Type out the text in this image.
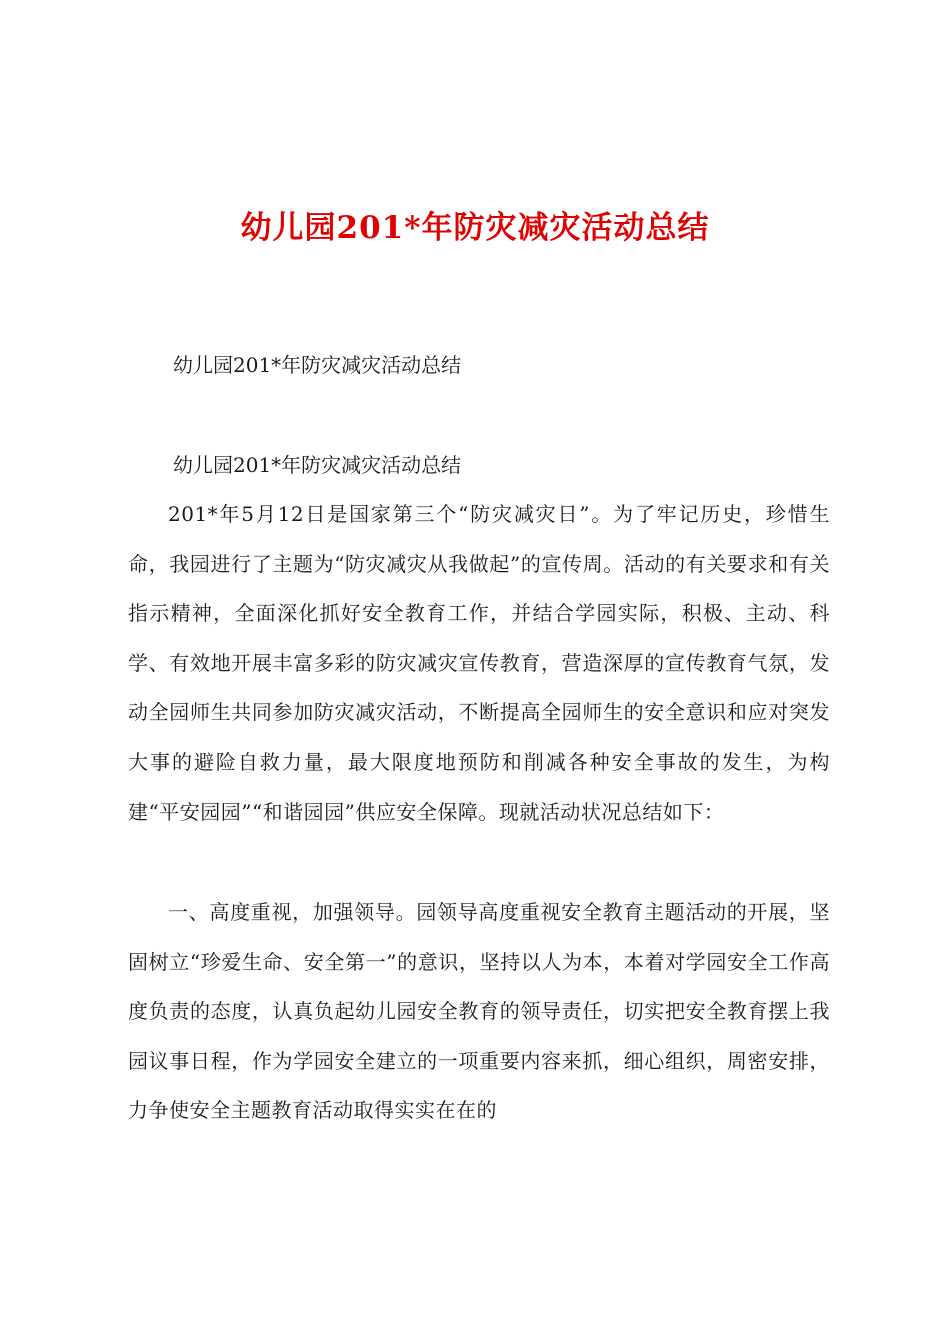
幼儿园201*年防灾减灾活动总结

幼儿园201*年防灾减灾活动总结

幼儿园201*年防灾减灾活动总结

201*年5月12日是国家第三个“防灾减灾日”。为了牢记历史，珍惜生命，我园进行了主题为“防灾减灾从我做起”的宣传周。活动的有关要求和有关指示精神，全面深化抓好安全教育工作，并结合学园实际，积极、主动、科学、有效地开展丰富多彩的防灾减灾宣传教育，营造深厚的宣传教育气氛，发动全园师生共同参加防灾减灾活动，不断提高全园师生的安全意识和应对突发大事的避险自救力量，最大限度地预防和削减各种安全事故的发生，为构建“平安园园”“和谐园园”供应安全保障。现就活动状况总结如下：

一、高度重视，加强领导。园领导高度重视安全教育主题活动的开展，坚固树立“珍爱生命、安全第一”的意识，坚持以人为本，本着对学园安全工作高度负责的态度，认真负起幼儿园安全教育的领导责任，切实把安全教育摆上我园议事日程，作为学园安全建立的一项重要内容来抓，细心组织，周密安排，力争使安全主题教育活动取得实实在在的
